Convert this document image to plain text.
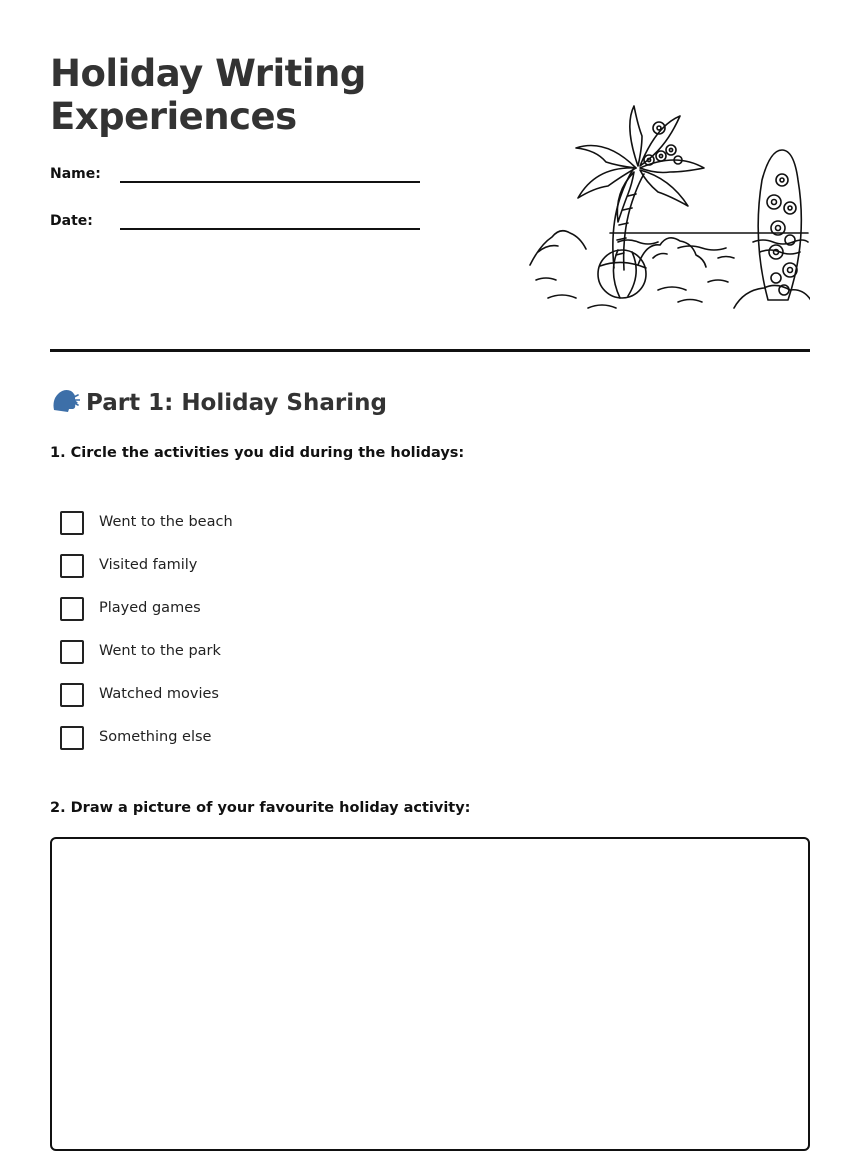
Holiday Writing
Experiences
Name:
Date:
Part 1: Holiday Sharing

1. Circle the activities you did during the holidays:

Went to the beach
Visited family
Played games
Went to the park
Watched movies
Something else

2. Draw a picture of your favourite holiday activity:
